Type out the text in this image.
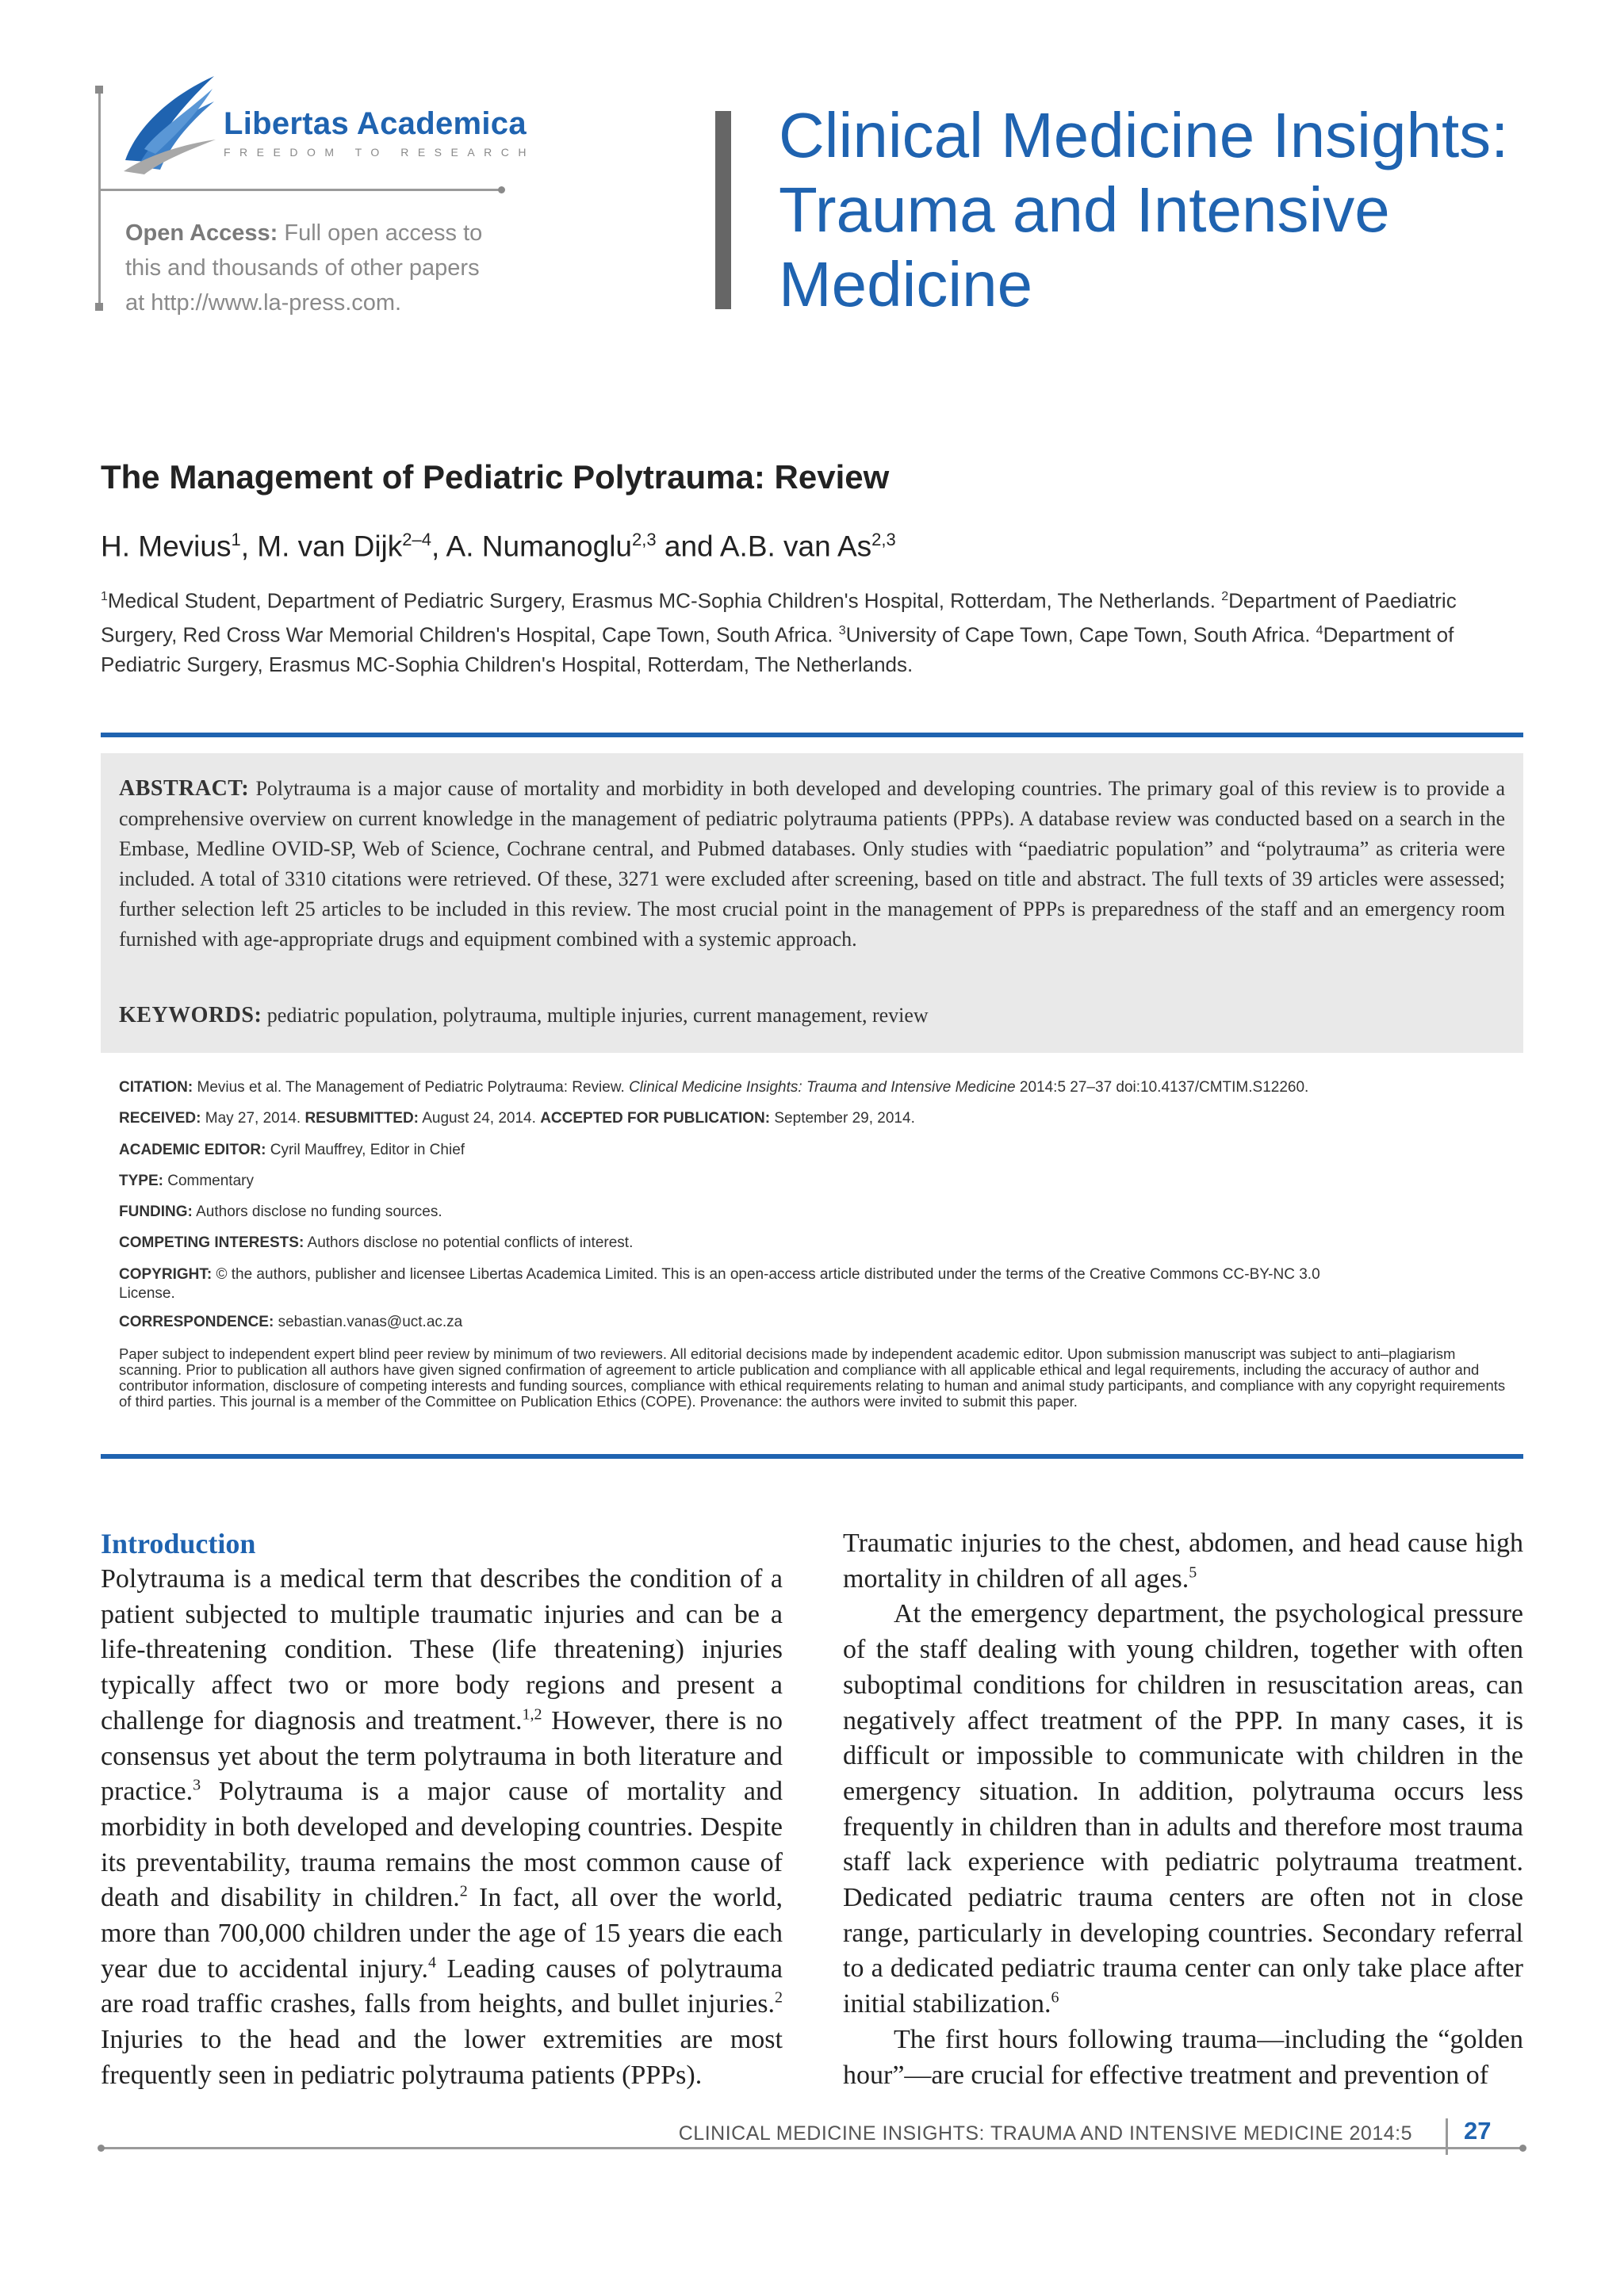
Libertas Academica
FREEDOM TO RESEARCH
Open Access: Full open access to this and thousands of other papers at http://www.la-press.com.
Clinical Medicine Insights: Trauma and Intensive Medicine
The Management of Pediatric Polytrauma: Review
H. Mevius$^1$, M. van Dijk$^{2-4}$, A. Numanoglu$^{2,3}$ and A.B. van As$^{2,3}$
$^1$Medical Student, Department of Pediatric Surgery, Erasmus MC-Sophia Children's Hospital, Rotterdam, The Netherlands. $^2$Department of Paediatric Surgery, Red Cross War Memorial Children's Hospital, Cape Town, South Africa. $^3$University of Cape Town, Cape Town, South Africa. $^4$Department of Pediatric Surgery, Erasmus MC-Sophia Children's Hospital, Rotterdam, The Netherlands.
ABSTRACT: Polytrauma is a major cause of mortality and morbidity in both developed and developing countries. The primary goal of this review is to provide a comprehensive overview on current knowledge in the management of pediatric polytrauma patients (PPPs). A database review was conducted based on a search in the Embase, Medline OVID-SP, Web of Science, Cochrane central, and Pubmed databases. Only studies with “paediatric population” and “polytrauma” as criteria were included. A total of 3310 citations were retrieved. Of these, 3271 were excluded after screening, based on title and abstract. The full texts of 39 articles were assessed; further selection left 25 articles to be included in this review. The most crucial point in the management of PPPs is preparedness of the staff and an emergency room furnished with age-appropriate drugs and equipment combined with a systemic approach.
KEYWORDS: pediatric population, polytrauma, multiple injuries, current management, review
CITATION: Mevius et al. The Management of Pediatric Polytrauma: Review. Clinical Medicine Insights: Trauma and Intensive Medicine 2014:5 27–37 doi:10.4137/CMTIM.S12260.
RECEIVED: May 27, 2014. RESUBMITTED: August 24, 2014. ACCEPTED FOR PUBLICATION: September 29, 2014.
ACADEMIC EDITOR: Cyril Mauffrey, Editor in Chief
TYPE: Commentary
FUNDING: Authors disclose no funding sources.
COMPETING INTERESTS: Authors disclose no potential conflicts of interest.
COPYRIGHT: © the authors, publisher and licensee Libertas Academica Limited. This is an open-access article distributed under the terms of the Creative Commons CC-BY-NC 3.0 License.
CORRESPONDENCE: sebastian.vanas@uct.ac.za
Paper subject to independent expert blind peer review by minimum of two reviewers. All editorial decisions made by independent academic editor. Upon submission manuscript was subject to anti–plagiarism scanning. Prior to publication all authors have given signed confirmation of agreement to article publication and compliance with all applicable ethical and legal requirements, including the accuracy of author and contributor information, disclosure of competing interests and funding sources, compliance with ethical requirements relating to human and animal study participants, and compliance with any copyright requirements of third parties. This journal is a member of the Committee on Publication Ethics (COPE). Provenance: the authors were invited to submit this paper.
Introduction

Polytrauma is a medical term that describes the condition of a patient subjected to multiple traumatic injuries and can be a life-threatening condition. These (life threatening) injuries typically affect two or more body regions and present a challenge for diagnosis and treatment.$^{1,2}$ However, there is no consensus yet about the term polytrauma in both literature and practice.$^3$ Polytrauma is a major cause of mortality and morbidity in both developed and developing countries. Despite its preventability, trauma remains the most common cause of death and disability in children.$^2$ In fact, all over the world, more than 700,000 children under the age of 15 years die each year due to accidental injury.$^4$ Leading causes of polytrauma are road traffic crashes, falls from heights, and bullet injuries.$^2$ Injuries to the head and the lower extremities are most frequently seen in pediatric polytrauma patients (PPPs).

Traumatic injuries to the chest, abdomen, and head cause high mortality in children of all ages.$^5$

At the emergency department, the psychological pressure of the staff dealing with young children, together with often suboptimal conditions for children in resuscitation areas, can negatively affect treatment of the PPP. In many cases, it is difficult or impossible to communicate with children in the emergency situation. In addition, polytrauma occurs less frequently in children than in adults and therefore most trauma staff lack experience with pediatric polytrauma treatment. Dedicated pediatric trauma centers are often not in close range, particularly in developing countries. Secondary referral to a dedicated pediatric trauma center can only take place after initial stabilization.$^6$

The first hours following trauma—including the “golden hour”—are crucial for effective treatment and prevention of

CLINICAL MEDICINE INSIGHTS: TRAUMA AND INTENSIVE MEDICINE 2014:5 27
